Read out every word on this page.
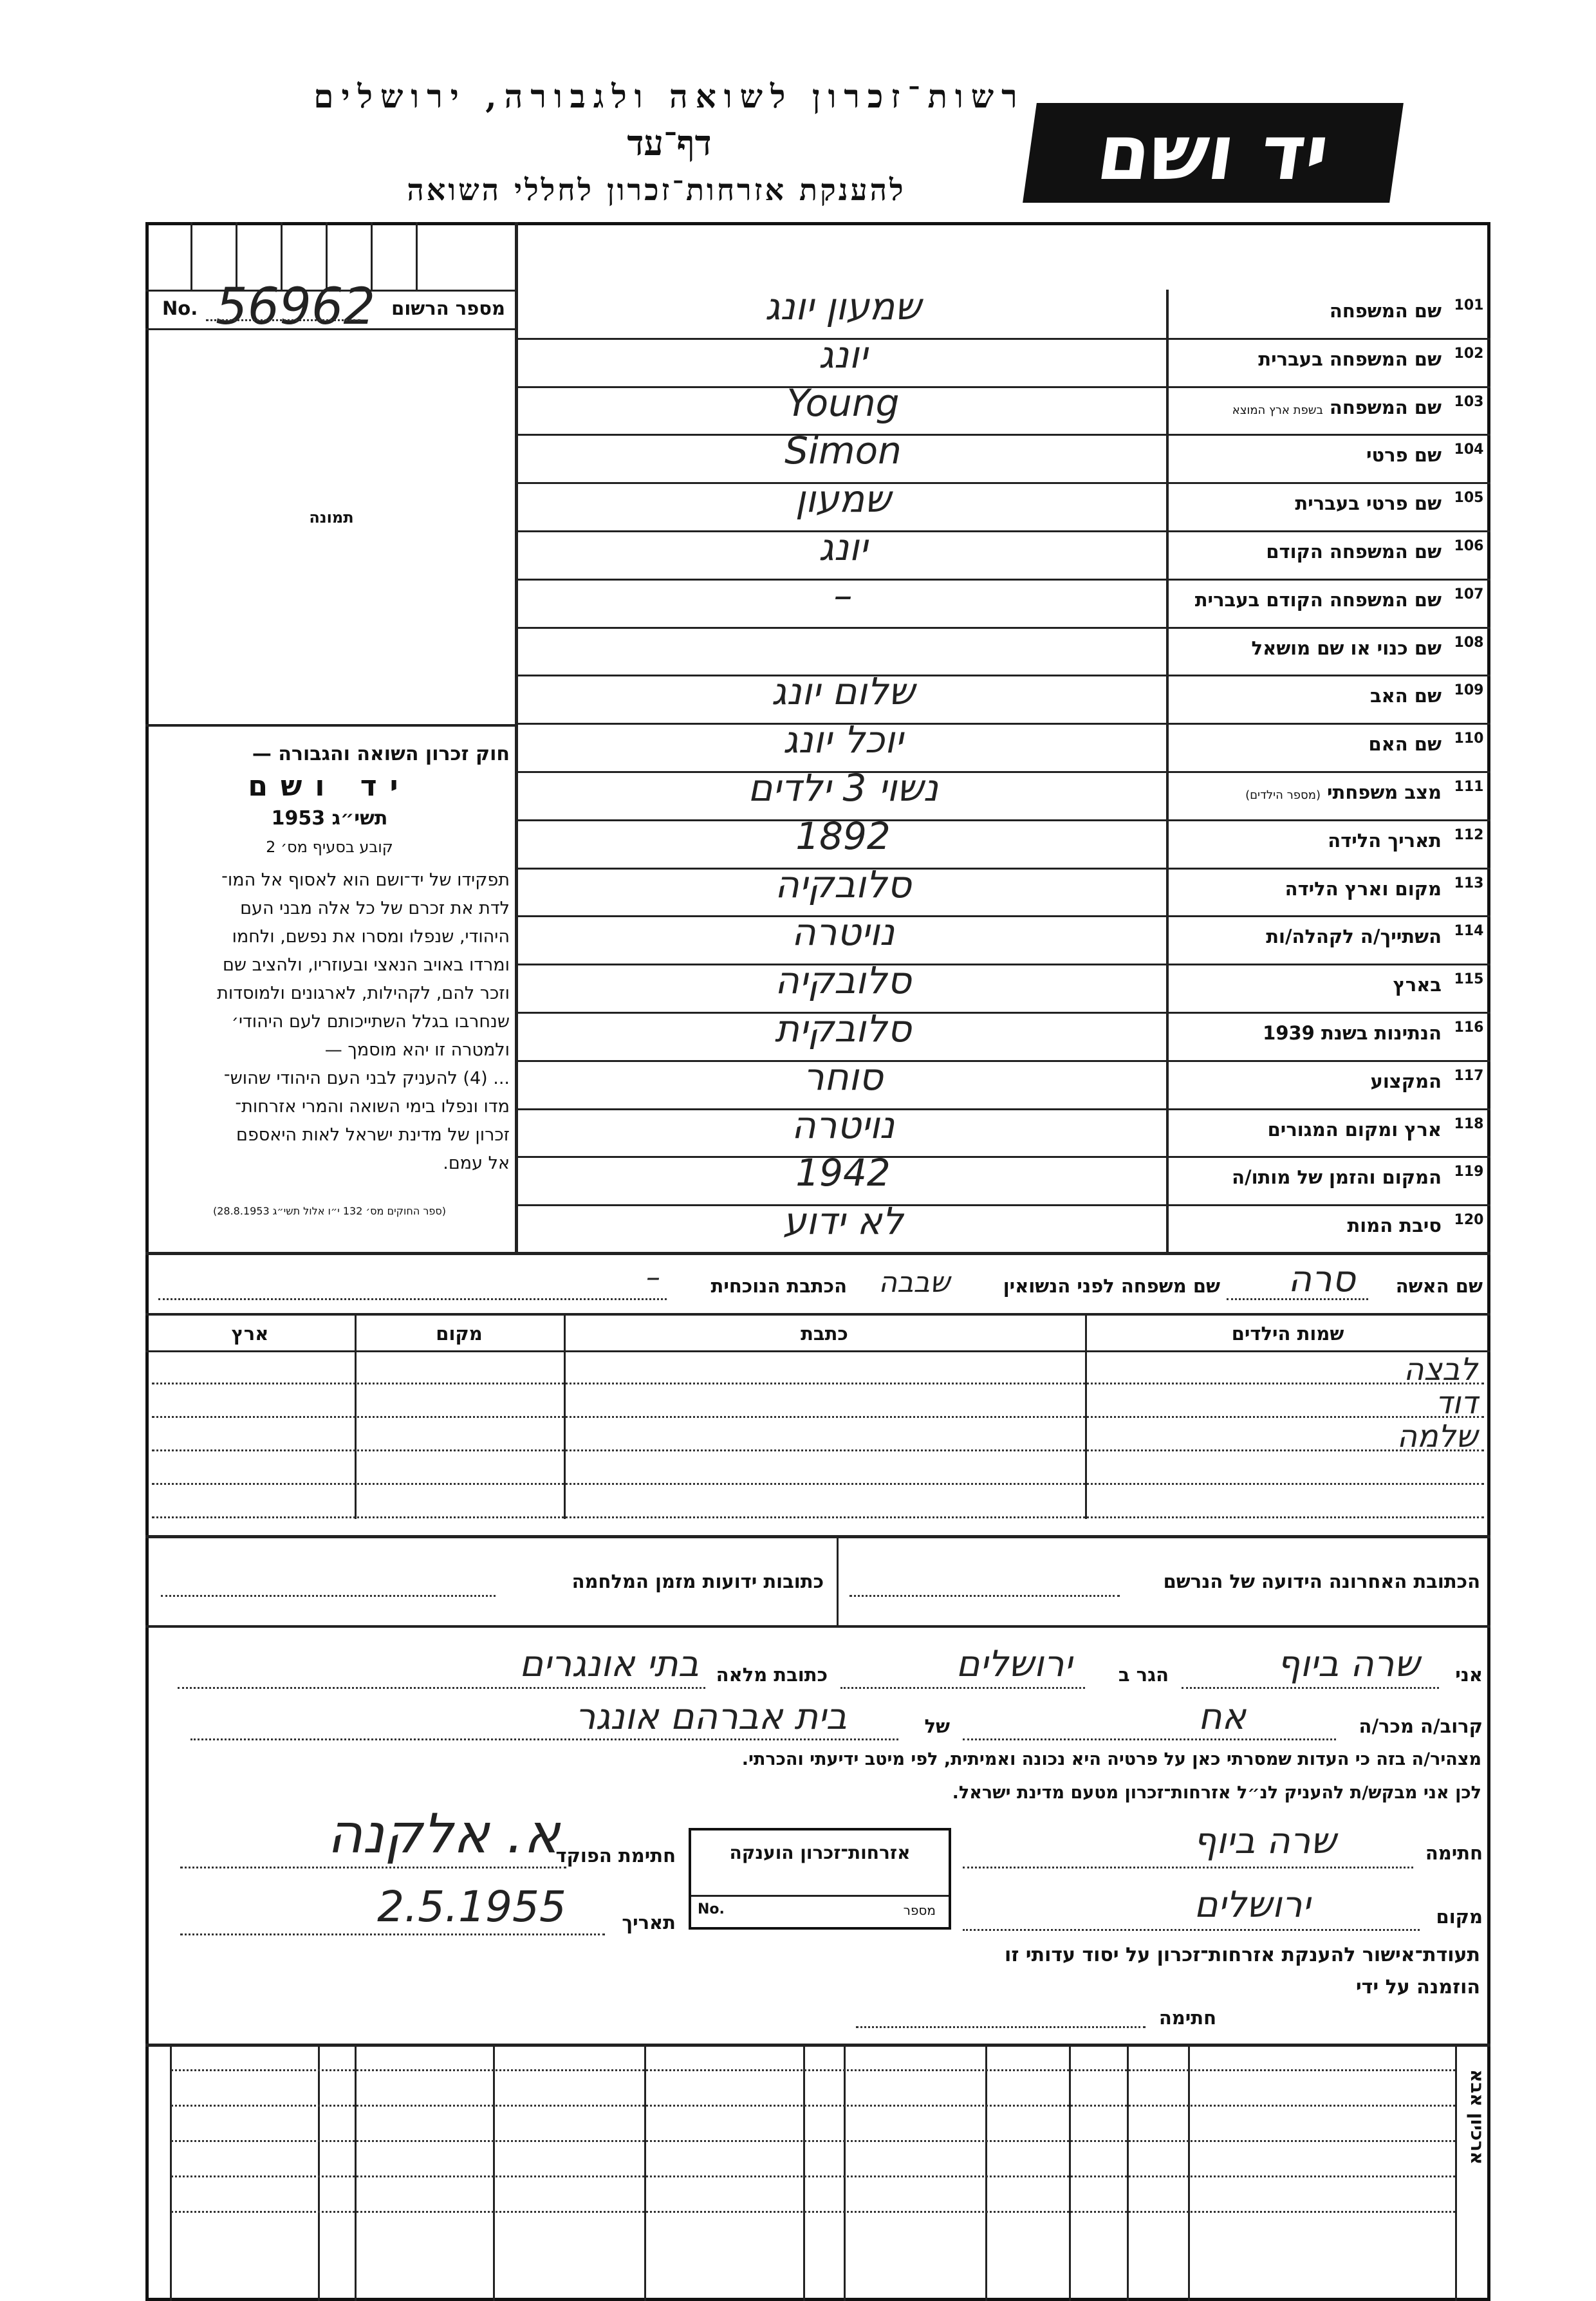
רשות־זכרון לשואה ולגבורה, ירושלים
דף־עד
להענקת אזרחות־זכרון לחללי השואה	יד ושם
מספר הרשום
No. 56962
תמונה
חוק זכרון השואה והגבורה —
יד ושם
תשי״ג 1953
קובע בסעיף מס׳ 2
תפקידו של יד־ושם הוא לאסוף אל המו־
לדת את זכרם של כל אלה מבני העם
היהודי, שנפלו ומסרו את נפשם, ולחמו
ומרדו באויב הנאצי ובעוזריו, ולהציב שם
וזכר להם, לקהילות, לארגונים ולמוסדות
שנחרבו בגלל השתייכותם לעם היהודי׳
ולמטרה זו יהא מוסמך —
... (4) להעניק לבני העם היהודי שהוש־
מדו ונפלו בימי השואה והמרי אזרחות־
זכרון של מדינת ישראל לאות היאספם
אל עמם.
(ספר החוקים מס׳ 132 י״ו אלול תשי״ג 28.8.1953)
101
שם המשפחה
שמעון יונג
102
שם המשפחה בעברית
יונג
103
שם המשפחהבשפת ארץ המוצא
Young
104
שם פרטי
Simon
105
שם פרטי בעברית
שמעון
106
שם המשפחה הקודם
יונג
107
שם המשפחה הקודם בעברית
–
108
שם כנוי או שם מושאל
109
שם האב
שלום יונג
110
שם האם
יוכל יונג
111
מצב משפחתי(מספר הילדים)
נשוי 3 ילדים
112
תאריך הלידה
1892
113
מקום וארץ הלידה
סלובקיה
114
השתייך/ה לקהלה/ות
נויטרה
115
בארץ
סלובקיה
116
הנתינות בשנת 1939
סלובקית
117
המקצוע
סוחר
118
ארץ ומקום המגורים
נויטרה
119
המקום והזמן של מותו/ה
1942
120
סיבת המות
לא ידוע
שם האשה
סרה
שם משפחה לפני הנשואין
שבבה
הכתבת הנוכחית
–
שמות הילדים
כתבת
מקום
ארץ
לבצה
דוד
שלמה
הכתובת האחרונה הידועה של הנרשם
כתובות ידועות מזמן המלחמה
אני
שרה ביוף
הגר ב
ירושלים
כתובת מלאה
בתי אונגרים
קרוב/ה מכר/ה
אח
של
בית אברהם אונגר
מצהיר/ה בזה כי העדות שמסרתי כאן על פרטיה היא נכונה ואמיתית, לפי מיטב ידיעתי והכרתי.
לכן אני מבקש/ת להעניק לנ״ל אזרחות־זכרון מטעם מדינת ישראל.
חתימה
שרה ביוף
מקום
ירושלים
אזרחות־זכרון הוענקה
No.	מספר
חתימת הפוקד
א. אלקנה
תאריך
2.5.1955
תעודת־אישור להענקת אזרחות־זכרון על יסוד עדותי זו
הוזמנה על ידי
חתימה
ארכיון אבא
